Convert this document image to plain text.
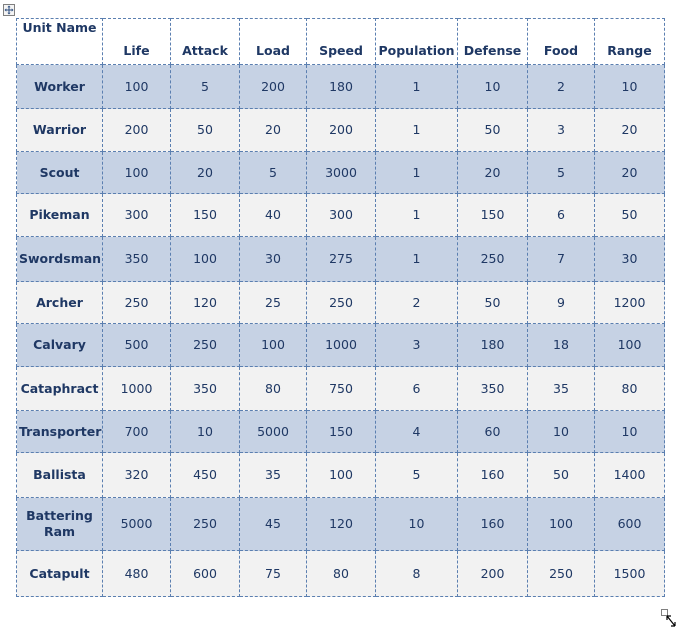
Unit Name	Life	Attack	Load	Speed	Population	Defense	Food	Range
Worker	100	5	200	180	1	10	2	10
Warrior	200	50	20	200	1	50	3	20
Scout	100	20	5	3000	1	20	5	20
Pikeman	300	150	40	300	1	150	6	50
Swordsman	350	100	30	275	1	250	7	30
Archer	250	120	25	250	2	50	9	1200
Calvary	500	250	100	1000	3	180	18	100
Cataphract	1000	350	80	750	6	350	35	80
Transporter	700	10	5000	150	4	60	10	10
Ballista	320	450	35	100	5	160	50	1400
Battering Ram	5000	250	45	120	10	160	100	600
Catapult	480	600	75	80	8	200	250	1500
